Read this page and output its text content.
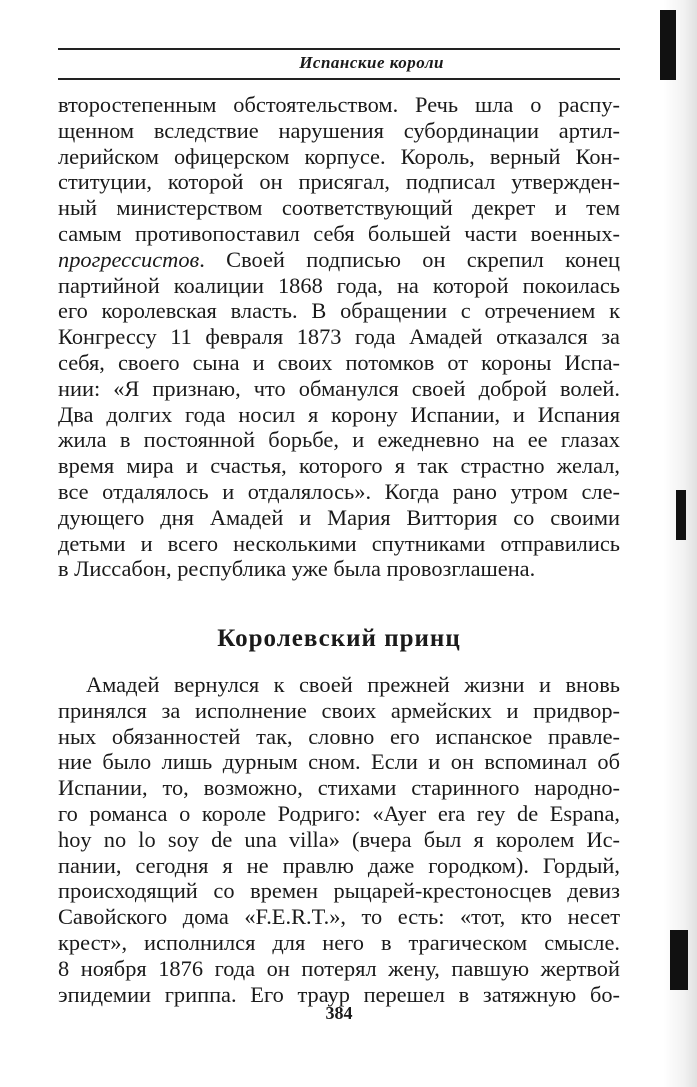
Испанские короли
второстепенным обстоятельством. Речь шла о распу-
щенном вследствие нарушения субординации артил-
лерийском офицерском корпусе. Король, верный Кон-
ституции, которой он присягал, подписал утвержден-
ный министерством соответствующий декрет и тем
самым противопоставил себя большей части военных-
прогрессистов. Своей подписью он скрепил конец
партийной коалиции 1868 года, на которой покоилась
его королевская власть. В обращении с отречением к
Конгрессу 11 февраля 1873 года Амадей отказался за
себя, своего сына и своих потомков от короны Испа-
нии: «Я признаю, что обманулся своей доброй волей.
Два долгих года носил я корону Испании, и Испания
жила в постоянной борьбе, и ежедневно на ее глазах
время мира и счастья, которого я так страстно желал,
все отдалялось и отдалялось». Когда рано утром сле-
дующего дня Амадей и Мария Виттория со своими
детьми и всего несколькими спутниками отправились
в Лиссабон, республика уже была провозглашена.
Королевский принц
Амадей вернулся к своей прежней жизни и вновь
принялся за исполнение своих армейских и придвор-
ных обязанностей так, словно его испанское правле-
ние было лишь дурным сном. Если и он вспоминал об
Испании, то, возможно, стихами старинного народно-
го романса о короле Родриго: «Ayer era rey de Espana,
hoy no lo soy de una villa» (вчера был я королем Ис-
пании, сегодня я не правлю даже городком). Гордый,
происходящий со времен рыцарей-крестоносцев девиз
Савойского дома «F.E.R.T.», то есть: «тот, кто несет
крест», исполнился для него в трагическом смысле.
8 ноября 1876 года он потерял жену, павшую жертвой
эпидемии гриппа. Его траур перешел в затяжную бо-
384
